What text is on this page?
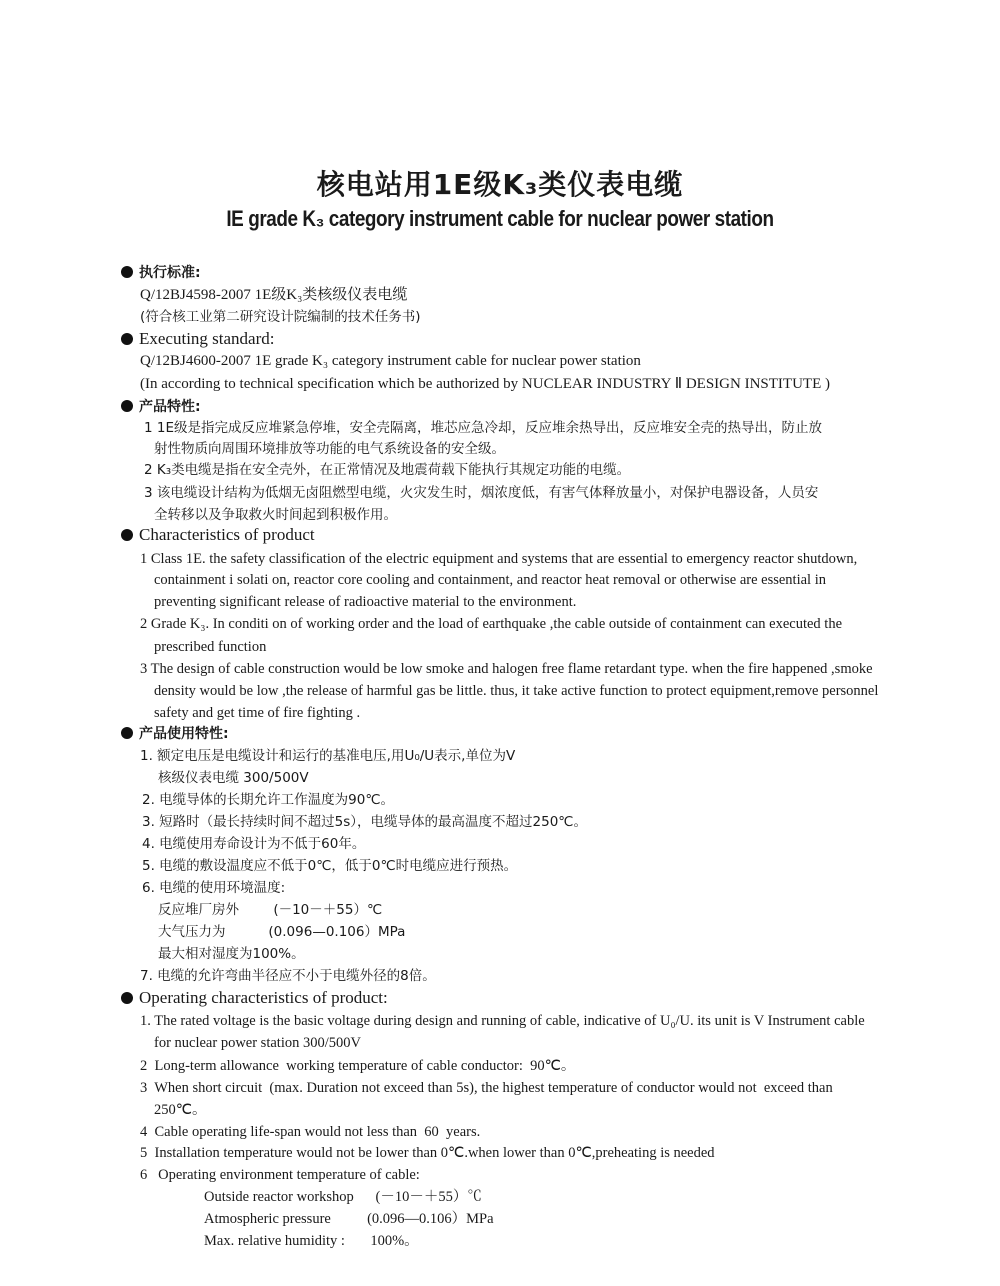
核电站用1E级K₃类仪表电缆
IE grade K₃ category instrument cable for nuclear power station
执行标准:
Q/12BJ4598-2007 1E级K₃类核级仪表电缆
(符合核工业第二研究设计院编制的技术任务书)
Executing standard:
Q/12BJ4600-2007 1E grade K₃ category instrument cable for nuclear power station
(In according to technical specification which be authorized by NUCLEAR INDUSTRY Ⅱ DESIGN INSTITUTE )
产品特性:
1 1E级是指完成反应堆紧急停堆，安全壳隔离，堆芯应急冷却，反应堆余热导出，反应堆安全壳的热导出，防止放
射性物质向周围环境排放等功能的电气系统设备的安全级。
2 K₃类电缆是指在安全壳外，在正常情况及地震荷载下能执行其规定功能的电缆。
3 该电缆设计结构为低烟无卤阻燃型电缆，火灾发生时，烟浓度低，有害气体释放量小，对保护电器设备，人员安
全转移以及争取救火时间起到积极作用。
Characteristics of product
1 Class 1E. the safety classification of the electric equipment and systems that are essential to emergency reactor shutdown,
containment i solati on, reactor core cooling and containment, and reactor heat removal or otherwise are essential in
preventing significant release of radioactive material to the environment.
2 Grade K₃. In conditi on of working order and the load of earthquake ,the cable outside of containment can executed the
prescribed function
3 The design of cable construction would be low smoke and halogen free flame retardant type. when the fire happened ,smoke
density would be low ,the release of harmful gas be little. thus, it take active function to protect equipment,remove personnel
safety and get time of fire fighting .
产品使用特性:
1. 额定电压是电缆设计和运行的基准电压,用U₀/U表示,单位为V
核级仪表电缆 300/500V
2. 电缆导体的长期允许工作温度为90℃。
3. 短路时（最长持续时间不超过5s），电缆导体的最高温度不超过250℃。
4. 电缆使用寿命设计为不低于60年。
5. 电缆的敷设温度应不低于0℃，低于0℃时电缆应进行预热。
6. 电缆的使用环境温度:
反应堆厂房外        (－10－＋55）℃
大气压力为          (0.096—0.106）MPa
最大相对湿度为100%。
7. 电缆的允许弯曲半径应不小于电缆外径的8倍。
Operating characteristics of product:
1. The rated voltage is the basic voltage during design and running of cable, indicative of U₀/U. its unit is V Instrument cable
for nuclear power station 300/500V
2  Long-term allowance  working temperature of cable conductor:  90℃。
3  When short circuit  (max. Duration not exceed than 5s), the highest temperature of conductor would not  exceed than
250℃。
4  Cable operating life-span would not less than  60  years.
5  Installation temperature would not be lower than 0℃.when lower than 0℃,preheating is needed
6   Operating environment temperature of cable:
Outside reactor workshop      (－10－＋55）℃
Atmospheric pressure          (0.096—0.106）MPa
Max. relative humidity :       100%。
